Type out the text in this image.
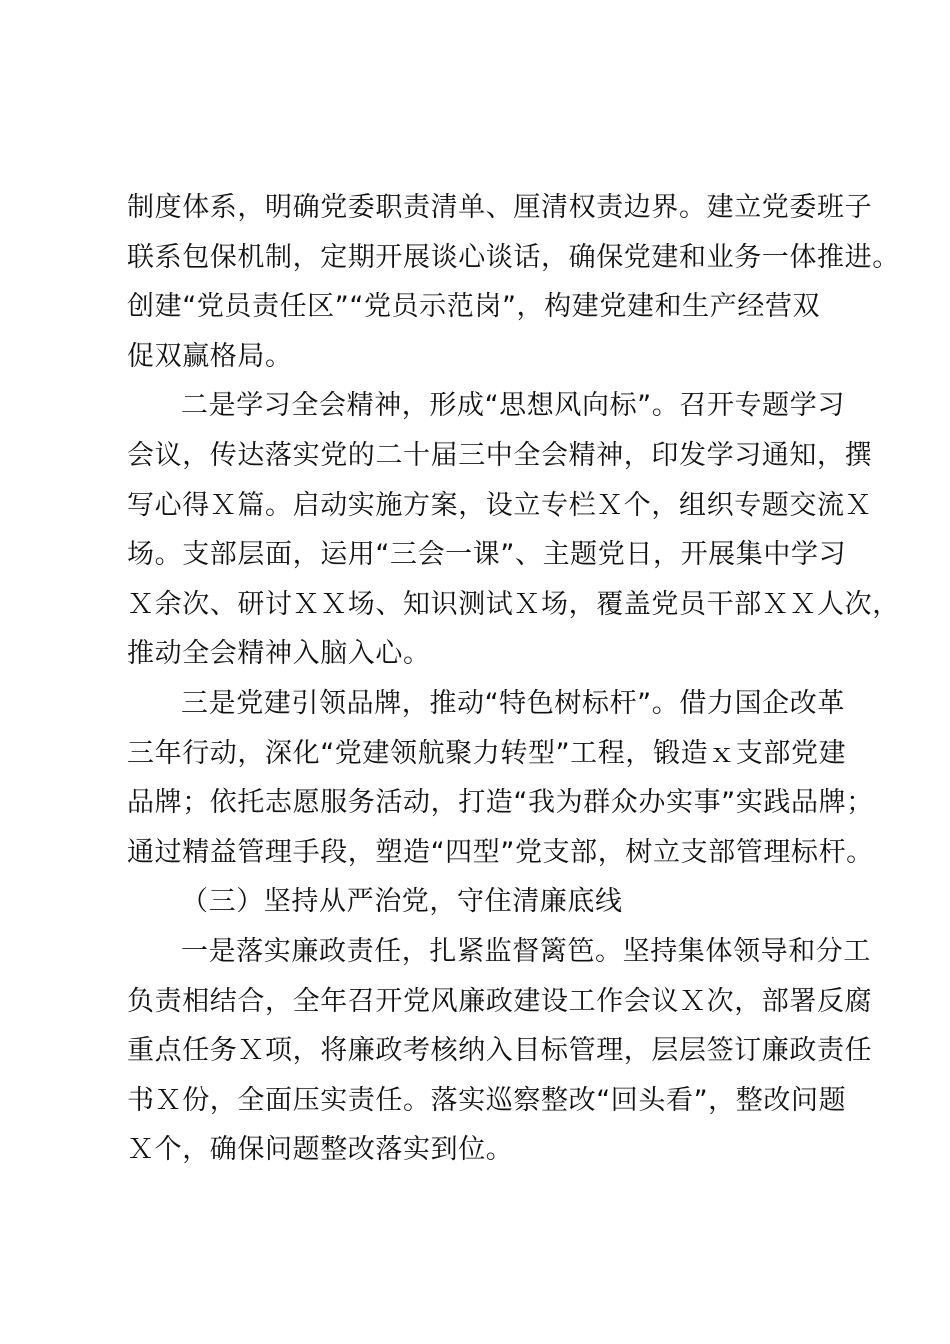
制度体系，明确党委职责清单、厘清权责边界。建立党委班子
联系包保机制，定期开展谈心谈话，确保党建和业务一体推进。
创建“党员责任区”“党员示范岗”，构建党建和生产经营双
促双赢格局。
二是学习全会精神，形成“思想风向标”。召开专题学习
会议，传达落实党的二十届三中全会精神，印发学习通知，撰
写心得Ｘ篇。启动实施方案，设立专栏Ｘ个，组织专题交流Ｘ
场。支部层面，运用“三会一课”、主题党日，开展集中学习
Ｘ余次、研讨ＸＸ场、知识测试Ｘ场，覆盖党员干部ＸＸ人次，
推动全会精神入脑入心。
三是党建引领品牌，推动“特色树标杆”。借力国企改革
三年行动，深化“党建领航聚力转型”工程，锻造ｘ支部党建
品牌；依托志愿服务活动，打造“我为群众办实事”实践品牌；
通过精益管理手段，塑造“四型”党支部，树立支部管理标杆。
（三）坚持从严治党，守住清廉底线
一是落实廉政责任，扎紧监督篱笆。坚持集体领导和分工
负责相结合，全年召开党风廉政建设工作会议Ｘ次，部署反腐
重点任务Ｘ项，将廉政考核纳入目标管理，层层签订廉政责任
书Ｘ份，全面压实责任。落实巡察整改“回头看”，整改问题
Ｘ个，确保问题整改落实到位。
